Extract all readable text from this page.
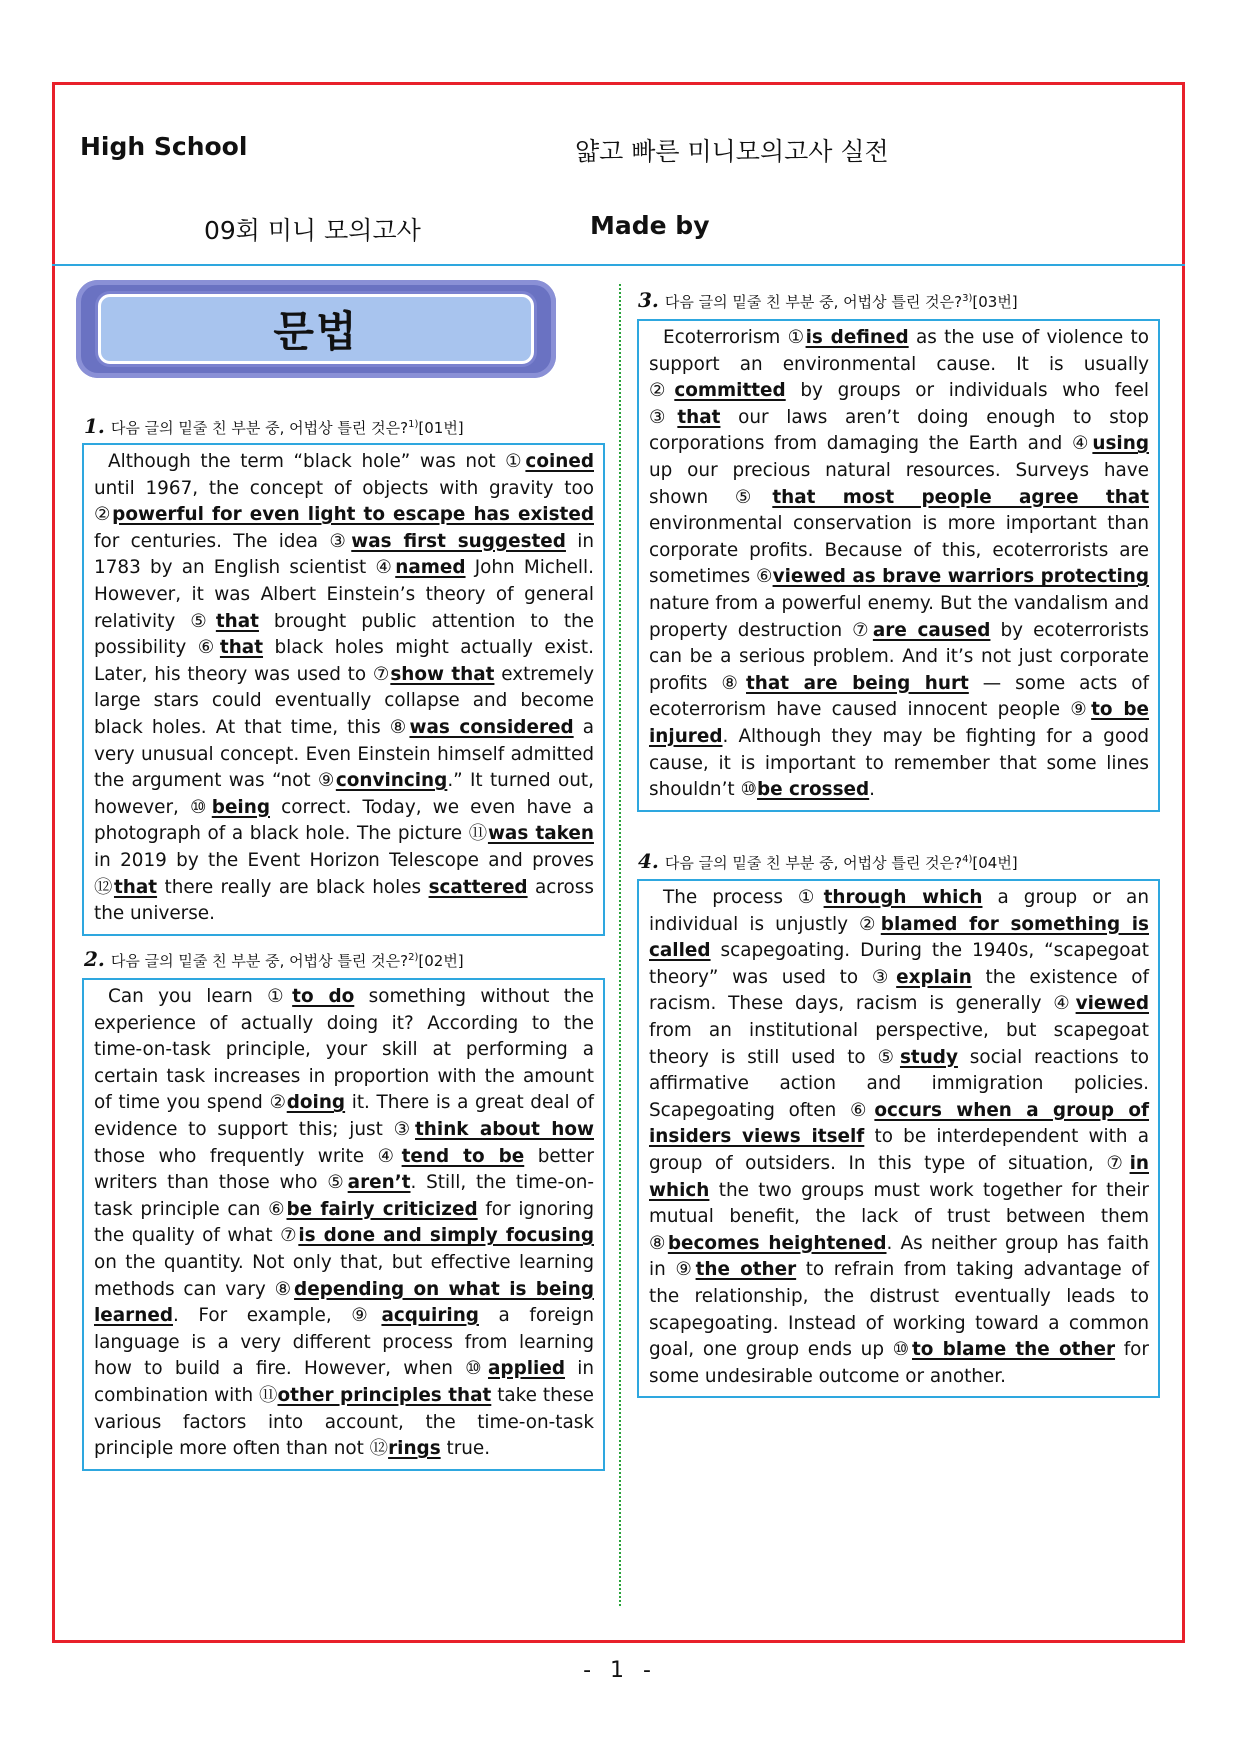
High School	얇고 빠른 미니모의고사 실전
09회 미니 모의고사	Made by
문법
1. 다음 글의 밑줄 친 부분 중, 어법상 틀린 것은?$^{1)}$[01번]

Although the term “black hole” was not ①coined until 1967, the concept of objects with gravity too ②powerful for even light to escape has existed for centuries. The idea ③was first suggested in 1783 by an English scientist ④named John Michell. However, it was Albert Einstein’s theory of general relativity ⑤that brought public attention to the possibility ⑥that black holes might actually exist. Later, his theory was used to ⑦show that extremely large stars could eventually collapse and become black holes. At that time, this ⑧was considered a very unusual concept. Even Einstein himself admitted the argument was “not ⑨convincing.” It turned out, however, ⑩being correct. Today, we even have a photograph of a black hole. The picture ⑪was taken in 2019 by the Event Horizon Telescope and proves ⑫that there really are black holes scattered across the universe.

2. 다음 글의 밑줄 친 부분 중, 어법상 틀린 것은?$^{2)}$[02번]

Can you learn ①to do something without the experience of actually doing it? According to the time-on-task principle, your skill at performing a certain task increases in proportion with the amount of time you spend ②doing it. There is a great deal of evidence to support this; just ③think about how those who frequently write ④tend to be better writers than those who ⑤aren’t. Still, the time-on-task principle can ⑥be fairly criticized for ignoring the quality of what ⑦is done and simply focusing on the quantity. Not only that, but effective learning methods can vary ⑧depending on what is being learned. For example, ⑨acquiring a foreign language is a very different process from learning how to build a fire. However, when ⑩applied in combination with ⑪other principles that take these various factors into account, the time-on-task principle more often than not ⑫rings true.

3. 다음 글의 밑줄 친 부분 중, 어법상 틀린 것은?$^{3)}$[03번]

Ecoterrorism ①is defined as the use of violence to support an environmental cause. It is usually ②committed by groups or individuals who feel ③that our laws aren’t doing enough to stop corporations from damaging the Earth and ④using up our precious natural resources. Surveys have shown ⑤that most people agree that environmental conservation is more important than corporate profits. Because of this, ecoterrorists are sometimes ⑥viewed as brave warriors protecting nature from a powerful enemy. But the vandalism and property destruction ⑦are caused by ecoterrorists can be a serious problem. And it’s not just corporate profits ⑧that are being hurt — some acts of ecoterrorism have caused innocent people ⑨to be injured. Although they may be fighting for a good cause, it is important to remember that some lines shouldn’t ⑩be crossed.

4. 다음 글의 밑줄 친 부분 중, 어법상 틀린 것은?$^{4)}$[04번]

The process ①through which a group or an individual is unjustly ②blamed for something is called scapegoating. During the 1940s, “scapegoat theory” was used to ③explain the existence of racism. These days, racism is generally ④viewed from an institutional perspective, but scapegoat theory is still used to ⑤study social reactions to affirmative action and immigration policies. Scapegoating often ⑥occurs when a group of insiders views itself to be interdependent with a group of outsiders. In this type of situation, ⑦in which the two groups must work together for their mutual benefit, the lack of trust between them ⑧becomes heightened. As neither group has faith in ⑨the other to refrain from taking advantage of the relationship, the distrust eventually leads to scapegoating. Instead of working toward a common goal, one group ends up ⑩to blame the other for some undesirable outcome or another.

- 1 -
